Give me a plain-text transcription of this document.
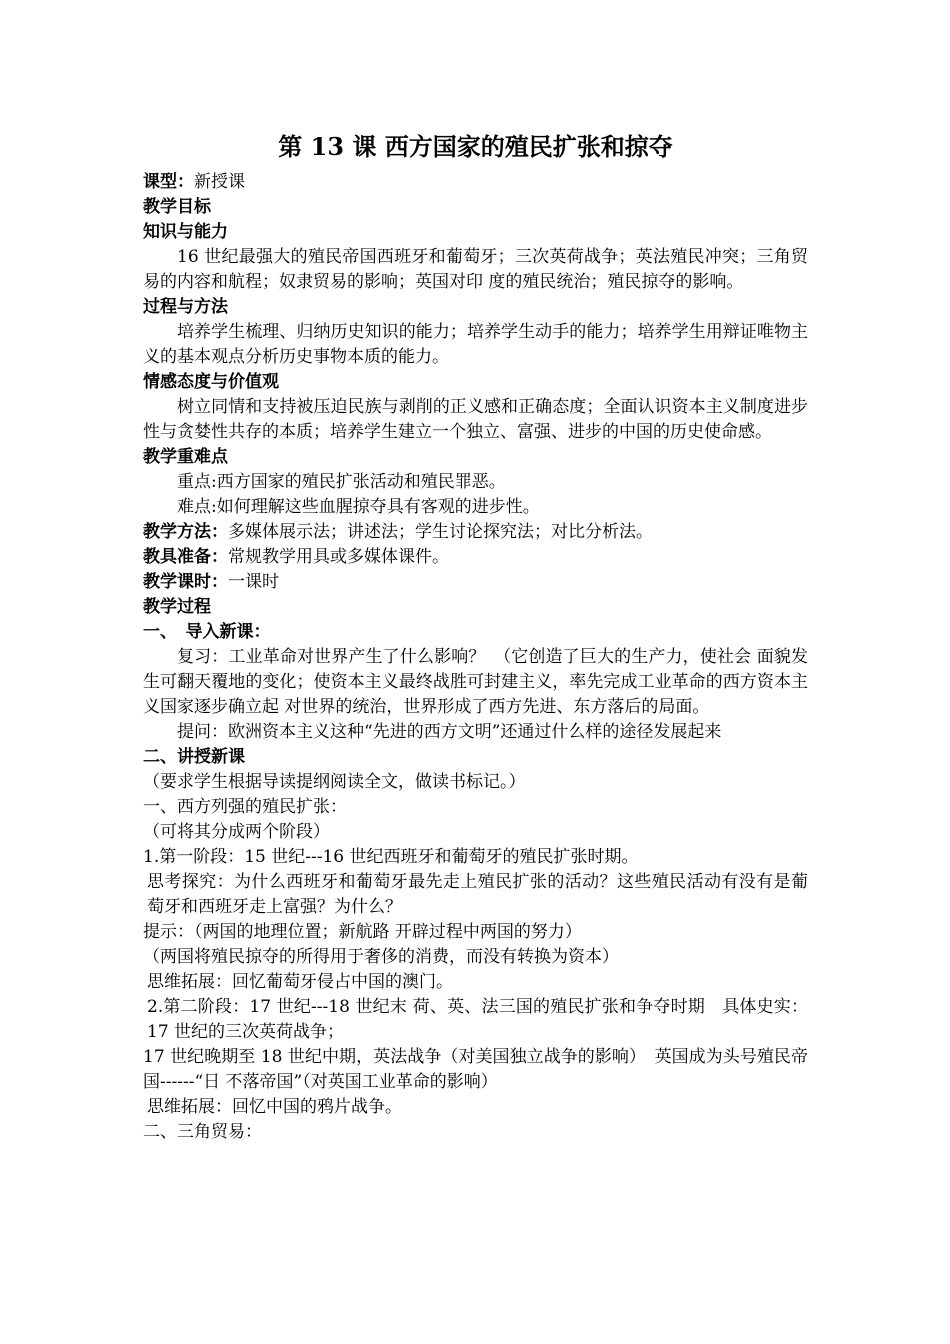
第 13 课 西方国家的殖民扩张和掠夺

课型：新授课

教学目标

知识与能力

16 世纪最强大的殖民帝国西班牙和葡萄牙；三次英荷战争；英法殖民冲突；三角贸易的内容和航程；奴隶贸易的影响；英国对印 度的殖民统治；殖民掠夺的影响。

过程与方法

培养学生梳理、归纳历史知识的能力；培养学生动手的能力；培养学生用辩证唯物主义的基本观点分析历史事物本质的能力。

情感态度与价值观

树立同情和支持被压迫民族与剥削的正义感和正确态度；全面认识资本主义制度进步性与贪婪性共存的本质；培养学生建立一个独立、富强、进步的中国的历史使命感。

教学重难点

重点:西方国家的殖民扩张活动和殖民罪恶。

难点:如何理解这些血腥掠夺具有客观的进步性。

教学方法：多媒体展示法；讲述法；学生讨论探究法；对比分析法。

教具准备：常规教学用具或多媒体课件。

教学课时：一课时

教学过程

一、　导入新课：

复习：工业革命对世界产生了什么影响？　（它创造了巨大的生产力，使社会 面貌发生可翻天覆地的变化；使资本主义最终战胜可封建主义，率先完成工业革命的西方资本主义国家逐步确立起 对世界的统治，世界形成了西方先进、东方落后的局面。

提问：欧洲资本主义这种“先进的西方文明”还通过什么样的途径发展起来

二、讲授新课

（要求学生根据导读提纲阅读全文，做读书标记。）

一、西方列强的殖民扩张：

（可将其分成两个阶段）

1.第一阶段：15 世纪---16 世纪西班牙和葡萄牙的殖民扩张时期。

思考探究：为什么西班牙和葡萄牙最先走上殖民扩张的活动？这些殖民活动有没有是葡萄牙和西班牙走上富强？为什么？

提示：（两国的地理位置；新航路 开辟过程中两国的努力）

（两国将殖民掠夺的所得用于奢侈的消费，而没有转换为资本）

思维拓展：回忆葡萄牙侵占中国的澳门。

2.第二阶段：17 世纪---18 世纪末 荷、英、法三国的殖民扩张和争夺时期　具体史实：17 世纪的三次英荷战争；

17 世纪晚期至 18 世纪中期，英法战争（对美国独立战争的影响）　英国成为头号殖民帝国------“日 不落帝国”（对英国工业革命的影响）

思维拓展：回忆中国的鸦片战争。

二、三角贸易：
